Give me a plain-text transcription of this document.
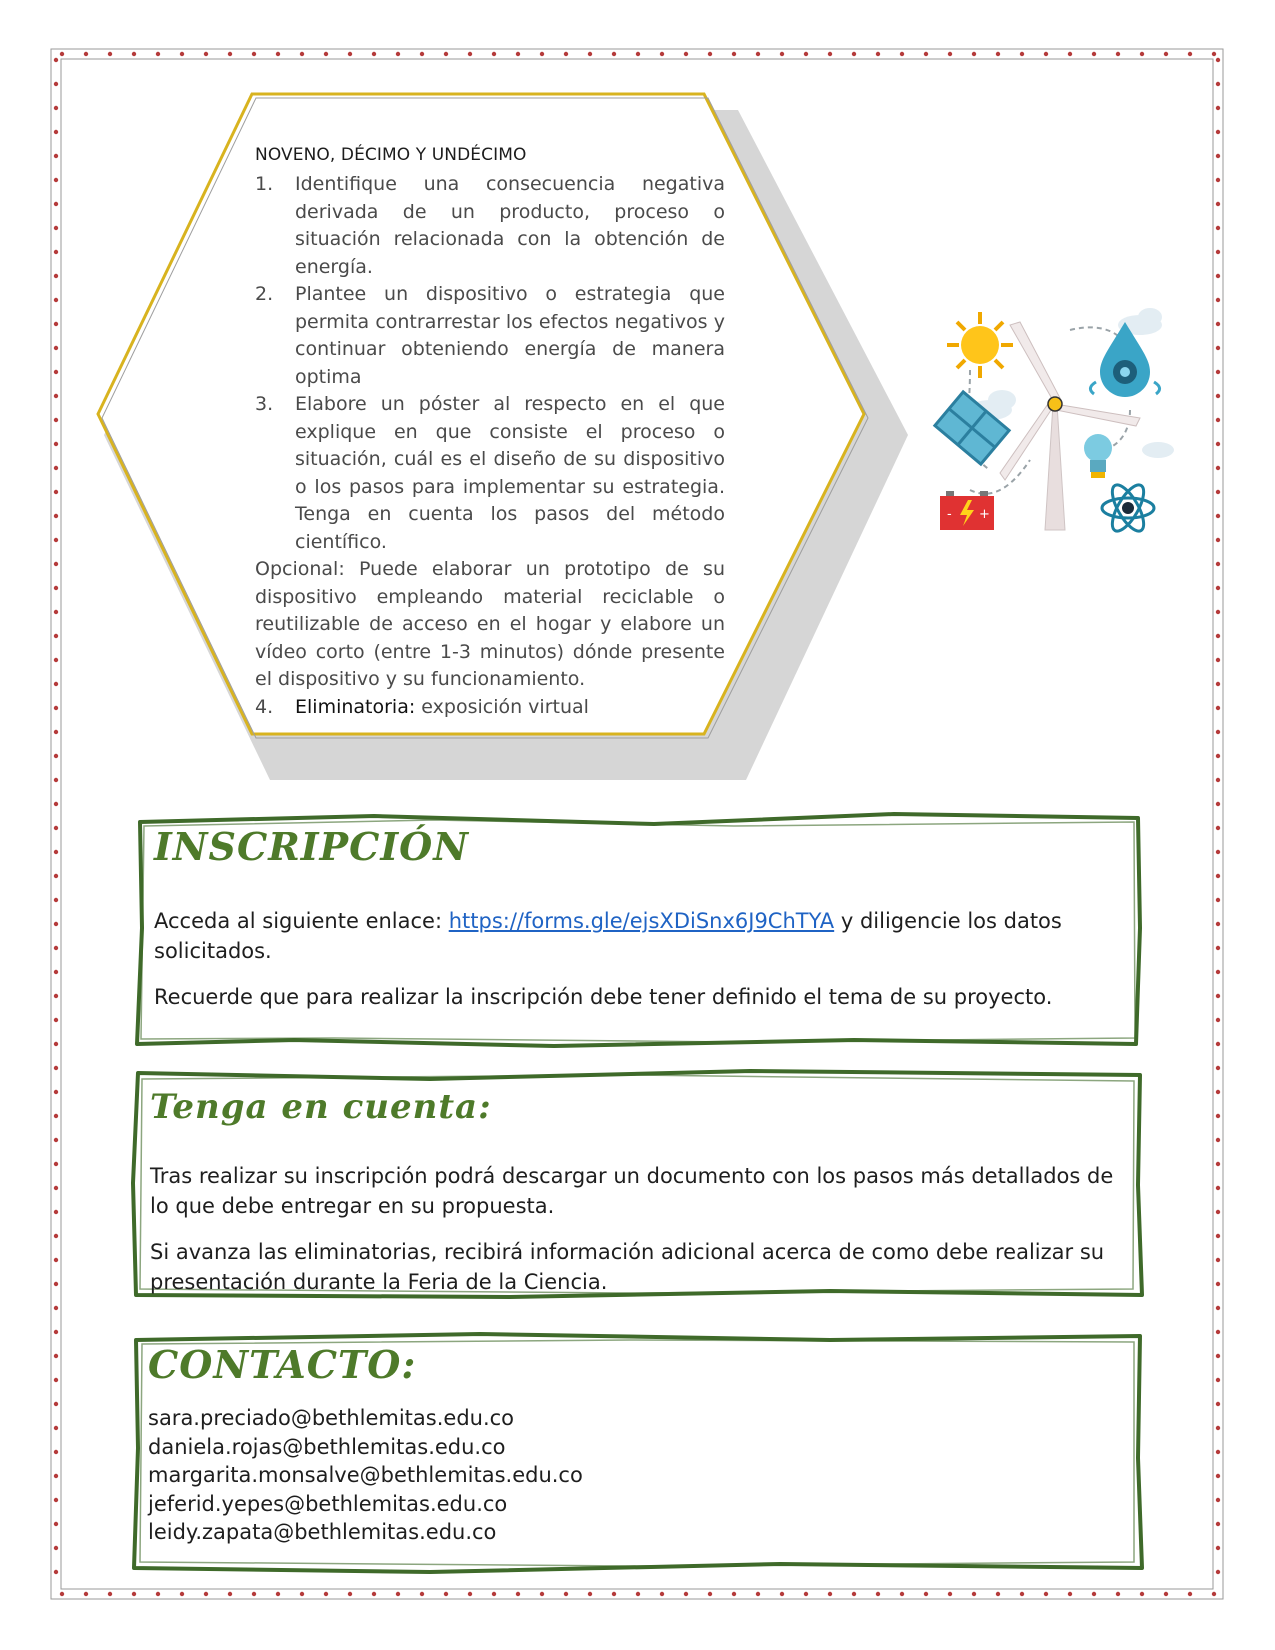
NOVENO, DÉCIMO Y UNDÉCIMO
1.	Identifique una consecuencia negativa derivada de un producto, proceso o situación relacionada con la obtención de energía.
2.	Plantee un dispositivo o estrategia que permita contrarrestar los efectos negativos y continuar obteniendo energía de manera optima
3.	Elabore un póster al respecto en el que explique en que consiste el proceso o situación, cuál es el diseño de su dispositivo o los pasos para implementar su estrategia. Tenga en cuenta los pasos del método científico.

Opcional: Puede elaborar un prototipo de su dispositivo empleando material reciclable o reutilizable de acceso en el hogar y elabore un vídeo corto (entre 1-3 minutos) dónde presente el dispositivo y su funcionamiento.

4.	Eliminatoria: exposición virtual
- +
INSCRIPCIÓN

Acceda al siguiente enlace: https://forms.gle/ejsXDiSnx6J9ChTYA y diligencie los datos solicitados.

Recuerde que para realizar la inscripción debe tener definido el tema de su proyecto.

Tenga en cuenta:

Tras realizar su inscripción podrá descargar un documento con los pasos más detallados de lo que debe entregar en su propuesta.

Si avanza las eliminatorias, recibirá información adicional acerca de como debe realizar su presentación durante la Feria de la Ciencia.

CONTACTO:
sara.preciado@bethlemitas.edu.co
daniela.rojas@bethlemitas.edu.co
margarita.monsalve@bethlemitas.edu.co
jeferid.yepes@bethlemitas.edu.co
leidy.zapata@bethlemitas.edu.co
